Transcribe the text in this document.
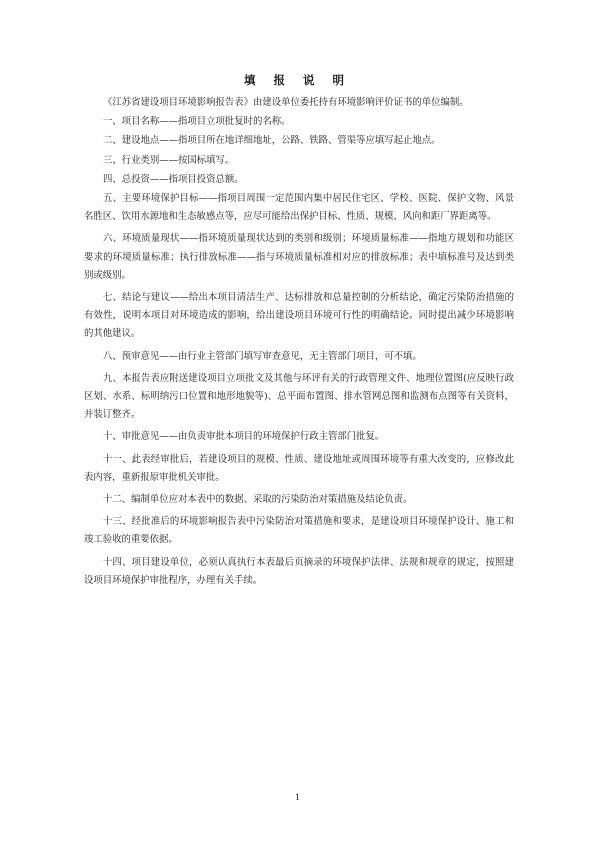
填 报 说 明

《江苏省建设项目环境影响报告表》由建设单位委托持有环境影响评价证书的单位编制。

一、项目名称——指项目立项批复时的名称。

二、建设地点——指项目所在地详细地址，公路、铁路、管渠等应填写起止地点。

三、行业类别——按国标填写。

四、总投资——指项目投资总额。

五、主要环境保护目标——指项目周围一定范围内集中居民住宅区、学校、医院、保护文物、风景名胜区、饮用水源地和生态敏感点等，应尽可能给出保护目标、性质、规模、风向和距厂界距离等。

六、环境质量现状——指环境质量现状达到的类别和级别；环境质量标准——指地方规划和功能区要求的环境质量标准；执行排放标准——指与环境质量标准相对应的排放标准；表中填标准号及达到类别或级别。

七、结论与建议——给出本项目清洁生产、达标排放和总量控制的分析结论，确定污染防治措施的有效性，说明本项目对环境造成的影响，给出建设项目环境可行性的明确结论。同时提出减少环境影响的其他建议。

八、预审意见——由行业主管部门填写审查意见，无主管部门项目，可不填。

九、本报告表应附送建设项目立项批文及其他与环评有关的行政管理文件、地理位置图(应反映行政区划、水系、标明纳污口位置和地形地貌等)、总平面布置图、排水管网总图和监测布点图等有关资料，并装订整齐。

十、审批意见——由负责审批本项目的环境保护行政主管部门批复。

十一、此表经审批后，若建设项目的规模、性质、建设地址或周围环境等有重大改变的，应修改此表内容，重新报原审批机关审批。

十二、编制单位应对本表中的数据、采取的污染防治对策措施及结论负责。

十三、经批准后的环境影响报告表中污染防治对策措施和要求，是建设项目环境保护设计、施工和竣工验收的重要依据。

十四、项目建设单位，必须认真执行本表最后页摘录的环境保护法律、法规和规章的规定，按照建设项目环境保护审批程序，办理有关手续。

1
